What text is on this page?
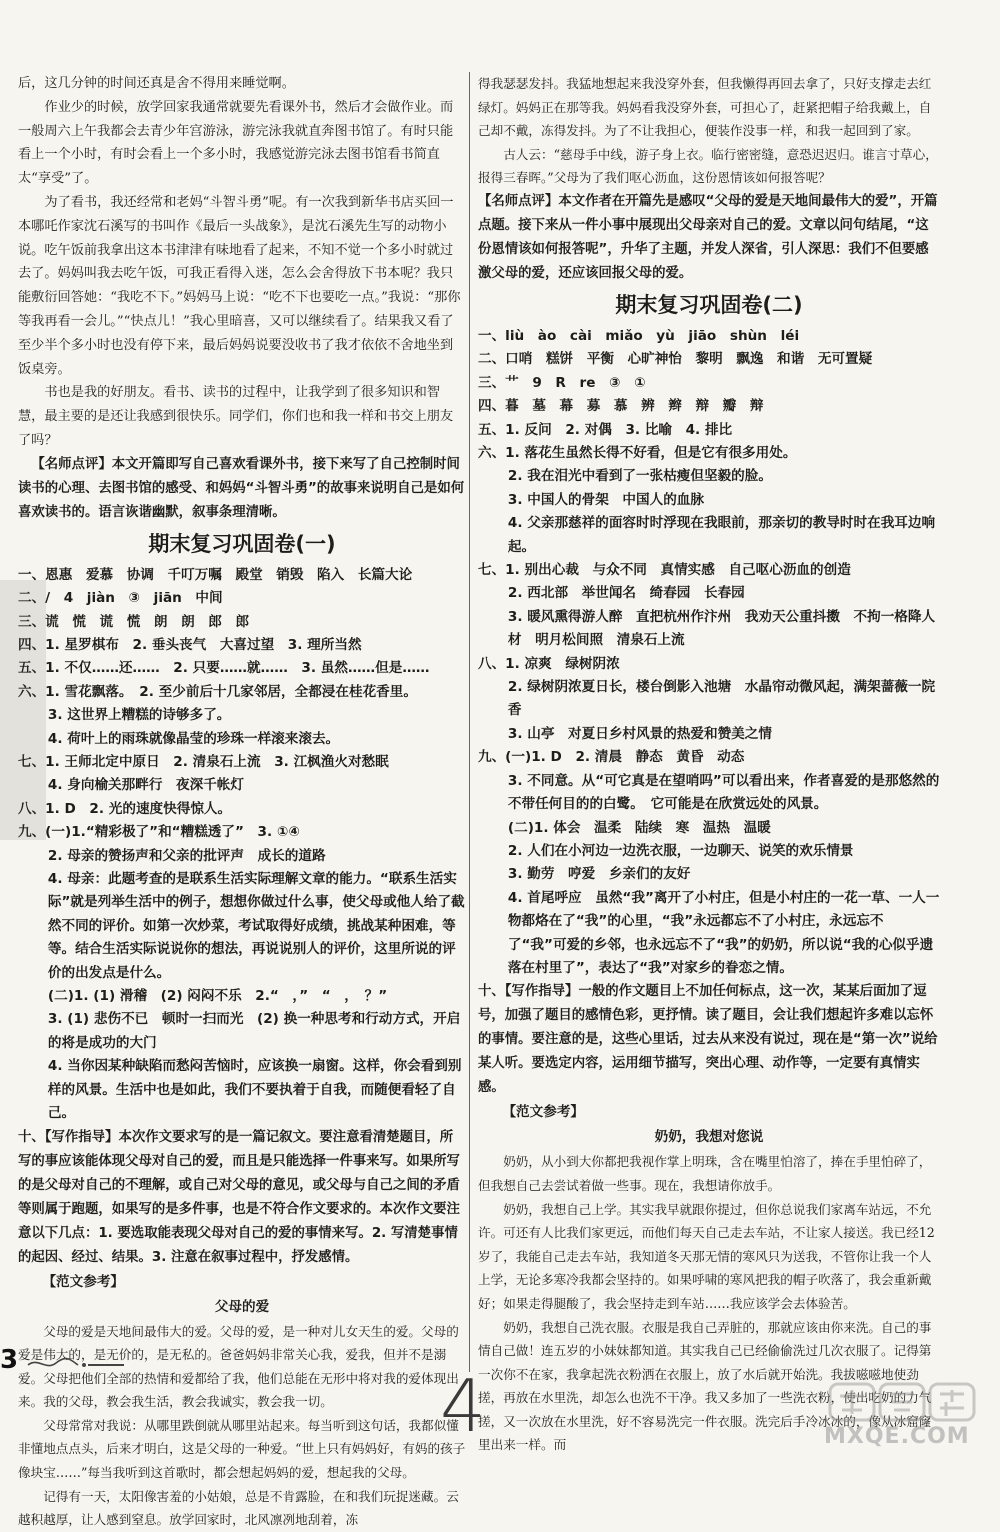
后，这几分钟的时间还真是舍不得用来睡觉啊。

作业少的时候，放学回家我通常就要先看课外书，然后才会做作业。而一般周六上午我都会去青少年宫游泳，游完泳我就直奔图书馆了。有时只能看上一个小时，有时会看上一个多小时，我感觉游完泳去图书馆看书简直太“享受”了。

为了看书，我还经常和老妈“斗智斗勇”呢。有一次我到新华书店买回一本哪吒作家沈石溪写的书叫作《最后一头战象》，是沈石溪先生写的动物小说。吃午饭前我拿出这本书津津有味地看了起来，不知不觉一个多小时就过去了。妈妈叫我去吃午饭，可我正看得入迷，怎么会舍得放下书本呢？我只能敷衍回答她：“我吃不下。”妈妈马上说：“吃不下也要吃一点。”我说：“那你等我再看一会儿。”“快点儿！”我心里暗喜，又可以继续看了。结果我又看了至少半个多小时也没有停下来，最后妈妈说要没收书了我才依依不舍地坐到饭桌旁。

书也是我的好朋友。看书、读书的过程中，让我学到了很多知识和智慧，最主要的是还让我感到很快乐。同学们，你们也和我一样和书交上朋友了吗？

【名师点评】本文开篇即写自己喜欢看课外书，接下来写了自己控制时间读书的心理、去图书馆的感受、和妈妈“斗智斗勇”的故事来说明自己是如何喜欢读书的。语言诙谐幽默，叙事条理清晰。

期末复习巩固卷(一)
一、恩惠　爱慕　协调　千叮万嘱　殿堂　销毁　陷入　长篇大论
二、/　4　jiàn　③　jiān　中间
三、谎　慌　谎　慌　朗　朗　郎　郎
四、1. 星罗棋布　2. 垂头丧气　大喜过望　3. 理所当然
五、1. 不仅……还……　2. 只要……就……　3. 虽然……但是……
六、1. 雪花飘落。　2. 至少前后十几家邻居，全都浸在桂花香里。
3. 这世界上糟糕的诗够多了。
4. 荷叶上的雨珠就像晶莹的珍珠一样滚来滚去。
七、1. 王师北定中原日　2. 清泉石上流　3. 江枫渔火对愁眠
4. 身向榆关那畔行　夜深千帐灯
八、1. D　2. 光的速度快得惊人。
九、(一)1.“精彩极了”和“糟糕透了”　3. ①④
2. 母亲的赞扬声和父亲的批评声　成长的道路
4. 母亲：此题考查的是联系生活实际理解文章的能力。“联系生活实际”就是列举生活中的例子，想想你做过什么事，使父母或他人给了截然不同的评价。如第一次炒菜，考试取得好成绩，挑战某种困难，等等。结合生活实际说说你的想法，再说说别人的评价，这里所说的评价的出发点是什么。
(二)1. (1) 滑稽　(2) 闷闷不乐　2.“　，”　“　，　？”
3. (1) 悲伤不已　顿时一扫而光　(2) 换一种思考和行动方式，开启的将是成功的大门
4. 当你因某种缺陷而愁闷苦恼时，应该换一扇窗。这样，你会看到别样的风景。生活中也是如此，我们不要执着于自我，而随便看轻了自己。

十、【写作指导】本次作文要求写的是一篇记叙文。要注意看清楚题目，所写的事应该能体现父母对自己的爱，而且是只能选择一件事来写。如果所写的是父母对自己的不理解，或自己对父母的意见，或父母与自己之间的矛盾等则属于跑题，如果写的是多件事，也是不符合作文要求的。本次作文要注意以下几点：1. 要选取能表现父母对自己的爱的事情来写。2. 写清楚事情的起因、经过、结果。3. 注意在叙事过程中，抒发感情。

【范文参考】
父母的爱

父母的爱是天地间最伟大的爱。父母的爱，是一种对儿女天生的爱。父母的爱是伟大的，是无价的，是无私的。爸爸妈妈非常关心我，爱我，但并不是溺爱。父母把他们全部的热情和爱都给了我，他们总能在无形中将对我的爱体现出来。我的父母，教会我生活，教会我诚实，教会我一切。

父母常常对我说：从哪里跌倒就从哪里站起来。每当听到这句话，我都似懂非懂地点点头，后来才明白，这是父母的一种爱。“世上只有妈妈好，有妈的孩子像块宝……”每当我听到这首歌时，都会想起妈妈的爱，想起我的父母。

记得有一天，太阳像害羞的小姑娘，总是不肯露脸，在和我们玩捉迷藏。云越积越厚，让人感到窒息。放学回家时，北风凛冽地刮着，冻

得我瑟瑟发抖。我猛地想起来我没穿外套，但我懒得再回去拿了，只好支撑走去红绿灯。妈妈正在那等我。妈妈看我没穿外套，可担心了，赶紧把帽子给我戴上，自己却不戴，冻得发抖。为了不让我担心，便装作没事一样，和我一起回到了家。

古人云：“慈母手中线，游子身上衣。临行密密缝，意恐迟迟归。谁言寸草心，报得三春晖。”父母为了我们呕心沥血，这份恩情该如何报答呢？

【名师点评】本文作者在开篇先是感叹“父母的爱是天地间最伟大的爱”，开篇点题。接下来从一件小事中展现出父母亲对自己的爱。文章以问句结尾，“这份恩情该如何报答呢”，升华了主题，并发人深省，引人深思：我们不但要感激父母的爱，还应该回报父母的爱。

期末复习巩固卷(二)
一、liù　ào　cài　miǎo　yù　jiāo　shùn　léi
二、口哨　糕饼　平衡　心旷神怡　黎明　飘逸　和谐　无可置疑
三、艹　9　R　re　③　①
四、暮　墓　幕　募　慕　辨　辫　辩　瓣　辩
五、1. 反问　2. 对偶　3. 比喻　4. 排比
六、1. 落花生虽然长得不好看，但是它有很多用处。
2. 我在泪光中看到了一张枯瘦但坚毅的脸。
3. 中国人的骨架　中国人的血脉
4. 父亲那慈祥的面容时时浮现在我眼前，那亲切的教导时时在我耳边响起。
七、1. 别出心裁　与众不同　真情实感　自己呕心沥血的创造
2. 西北部　举世闻名　绮春园　长春园
3. 暖风熏得游人醉　直把杭州作汴州　我劝天公重抖擞　不拘一格降人材　明月松间照　清泉石上流
八、1. 凉爽　绿树阴浓
2. 绿树阴浓夏日长，楼台倒影入池塘　水晶帘动微风起，满架蔷薇一院香
3. 山亭　对夏日乡村风景的热爱和赞美之情
九、(一)1. D　2. 清晨　静态　黄昏　动态
3. 不同意。从“可它真是在望哨吗”可以看出来，作者喜爱的是那悠然的不带任何目的的白鹭。　它可能是在欣赏远处的风景。
(二)1. 体会　温柔　陆续　寒　温热　温暖
2. 人们在小河边一边洗衣服，一边聊天、说笑的欢乐情景
3. 勤劳　哼爱　乡亲们的友好
4. 首尾呼应　虽然“我”离开了小村庄，但是小村庄的一花一草、一人一物都烙在了“我”的心里，“我”永远都忘不了小村庄，永远忘不了“我”可爱的乡邻，也永远忘不了“我”的奶奶，所以说“我的心似乎遗落在村里了”，表达了“我”对家乡的眷恋之情。

十、【写作指导】一般的作文题目上不加任何标点，这一次，某某后面加了逗号，加强了题目的感情色彩，更抒情。读了题目，会让我们想起许多难以忘怀的事情。要注意的是，这些心里话，过去从来没有说过，现在是“第一次”说给某人听。要选定内容，运用细节描写，突出心理、动作等，一定要有真情实感。

【范文参考】
奶奶，我想对您说

奶奶，从小到大你都把我视作掌上明珠，含在嘴里怕溶了，捧在手里怕碎了，但我想自己去尝试着做一些事。现在，我想请你放手。

奶奶，我想自己上学。其实我早就跟你提过，但你总说我们家离车站远，不允许。可还有人比我们家更远，而他们每天自己走去车站，不让家人接送。我已经12岁了，我能自己走去车站，我知道冬天那无情的寒风只为送我，不管你让我一个人上学，无论多寒冷我都会坚持的。如果呼啸的寒风把我的帽子吹落了，我会重新戴好；如果走得腿酸了，我会坚持走到车站……我应该学会去体验苦。

奶奶，我想自己洗衣服。衣服是我自己弄脏的，那就应该由你来洗。自己的事情自己做！连五岁的小妹妹都知道。其实我自己已经偷偷洗过几次衣服了。记得第一次你不在家，我拿起洗衣粉洒在衣服上，放了水后就开始洗。我拔嗞嗞地使劲搓，再放在水里洗，却怎么也洗不干净。我又多加了一些洗衣粉，使出吃奶的力气搓，又一次放在水里洗，好不容易洗完一件衣服。洗完后手冷冰冰的，像从冰窟窿里出来一样。而

3
4	MXQE.COM
